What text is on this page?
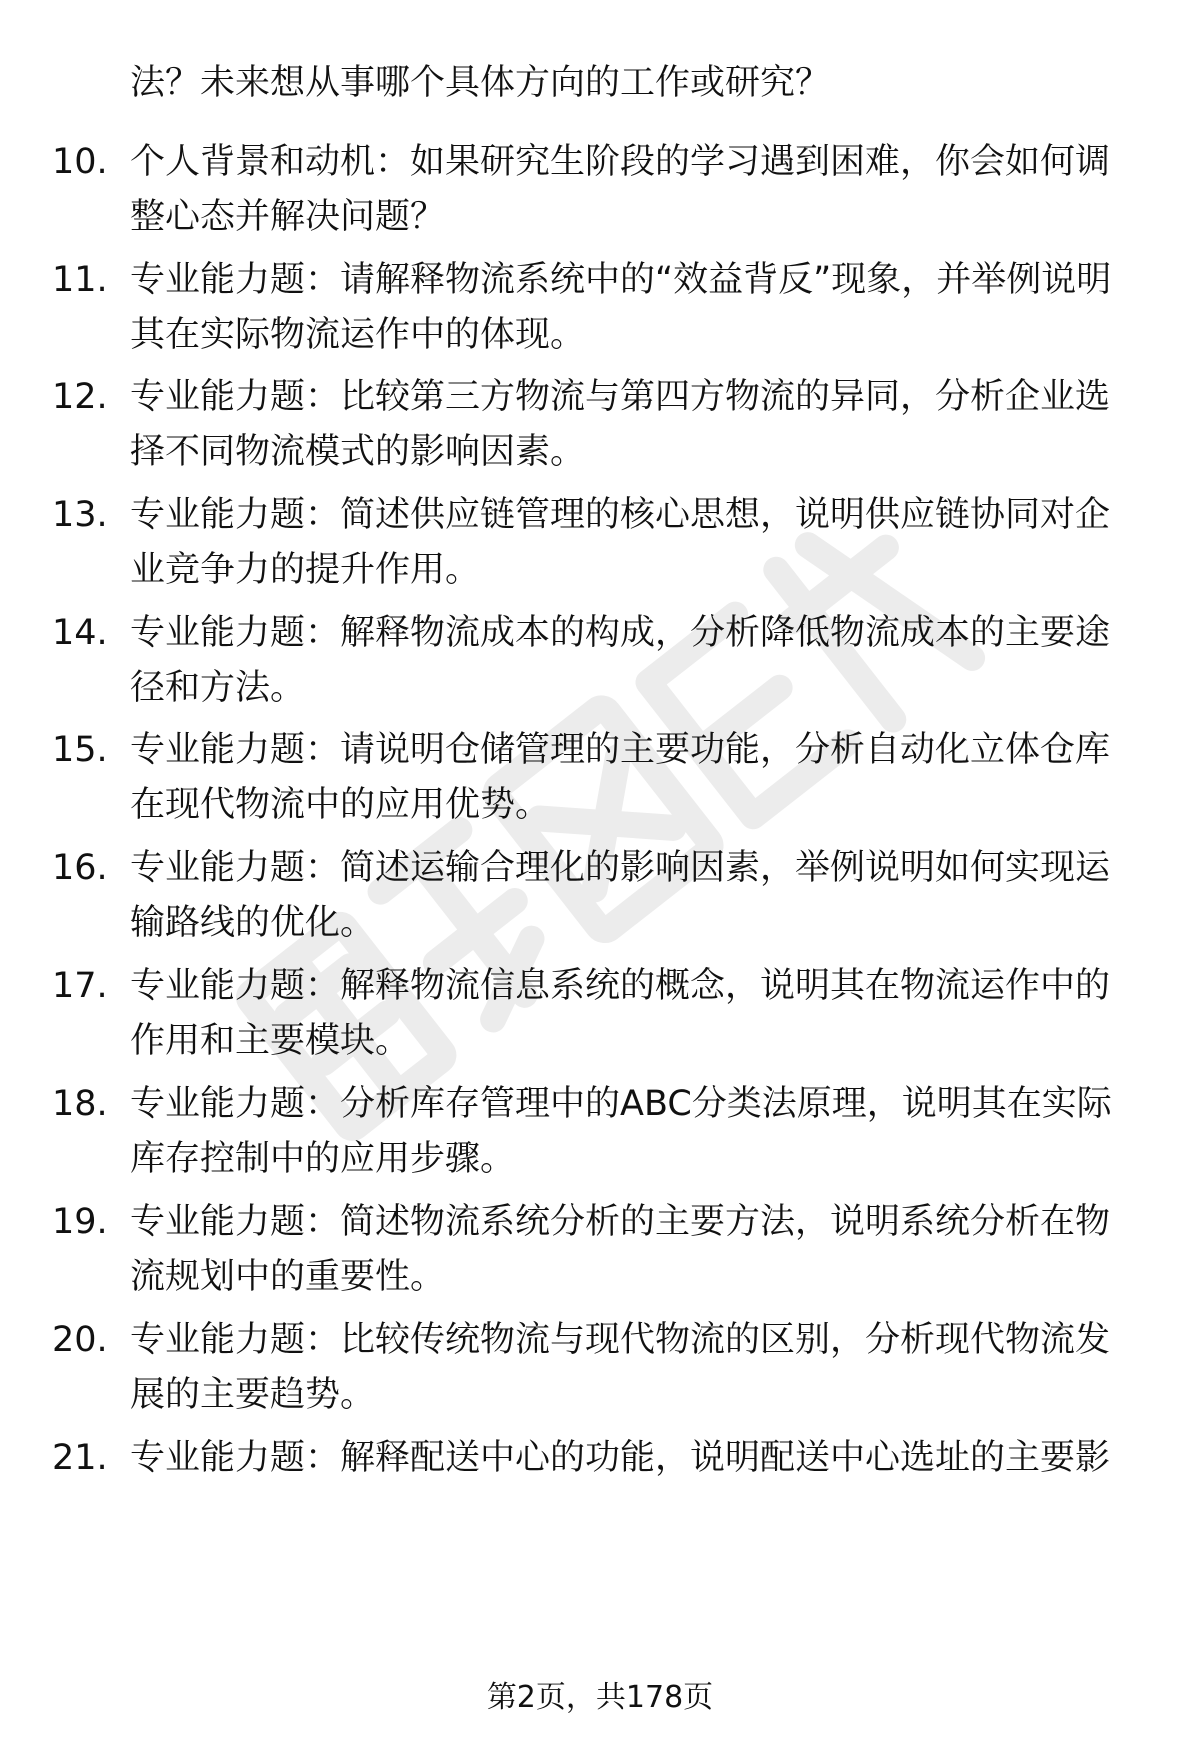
法？未来想从事哪个具体方向的工作或研究？
10. 个人背景和动机：如果研究生阶段的学习遇到困难，你会如何调整心态并解决问题？
11. 专业能力题：请解释物流系统中的“效益背反”现象，并举例说明其在实际物流运作中的体现。
12. 专业能力题：比较第三方物流与第四方物流的异同，分析企业选择不同物流模式的影响因素。
13. 专业能力题：简述供应链管理的核心思想，说明供应链协同对企业竞争力的提升作用。
14. 专业能力题：解释物流成本的构成，分析降低物流成本的主要途径和方法。
15. 专业能力题：请说明仓储管理的主要功能，分析自动化立体仓库在现代物流中的应用优势。
16. 专业能力题：简述运输合理化的影响因素，举例说明如何实现运输路线的优化。
17. 专业能力题：解释物流信息系统的概念，说明其在物流运作中的作用和主要模块。
18. 专业能力题：分析库存管理中的ABC分类法原理，说明其在实际库存控制中的应用步骤。
19. 专业能力题：简述物流系统分析的主要方法，说明系统分析在物流规划中的重要性。
20. 专业能力题：比较传统物流与现代物流的区别，分析现代物流发展的主要趋势。
21. 专业能力题：解释配送中心的功能，说明配送中心选址的主要影
第2页，共178页
